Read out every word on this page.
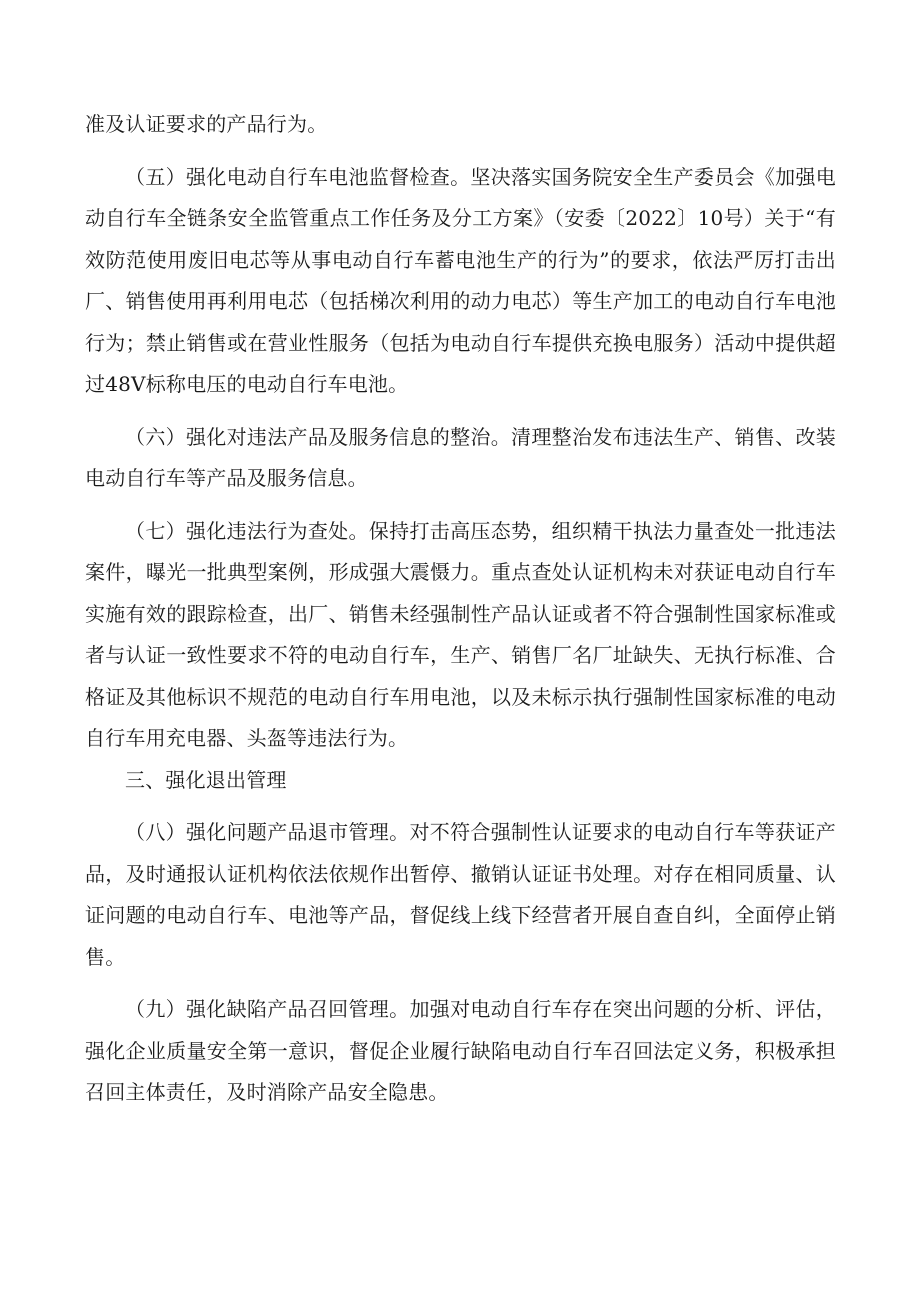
准及认证要求的产品行为。

（五）强化电动自行车电池监督检查。坚决落实国务院安全生产委员会《加强电动自行车全链条安全监管重点工作任务及分工方案》（安委〔2022〕10号）关于“有效防范使用废旧电芯等从事电动自行车蓄电池生产的行为”的要求，依法严厉打击出厂、销售使用再利用电芯（包括梯次利用的动力电芯）等生产加工的电动自行车电池行为；禁止销售或在营业性服务（包括为电动自行车提供充换电服务）活动中提供超过48V标称电压的电动自行车电池。

（六）强化对违法产品及服务信息的整治。清理整治发布违法生产、销售、改装电动自行车等产品及服务信息。

（七）强化违法行为查处。保持打击高压态势，组织精干执法力量查处一批违法案件，曝光一批典型案例，形成强大震慑力。重点查处认证机构未对获证电动自行车实施有效的跟踪检查，出厂、销售未经强制性产品认证或者不符合强制性国家标准或者与认证一致性要求不符的电动自行车，生产、销售厂名厂址缺失、无执行标准、合格证及其他标识不规范的电动自行车用电池，以及未标示执行强制性国家标准的电动自行车用充电器、头盔等违法行为。

三、强化退出管理

（八）强化问题产品退市管理。对不符合强制性认证要求的电动自行车等获证产品，及时通报认证机构依法依规作出暂停、撤销认证证书处理。对存在相同质量、认证问题的电动自行车、电池等产品，督促线上线下经营者开展自查自纠，全面停止销售。

（九）强化缺陷产品召回管理。加强对电动自行车存在突出问题的分析、评估，强化企业质量安全第一意识，督促企业履行缺陷电动自行车召回法定义务，积极承担召回主体责任，及时消除产品安全隐患。
